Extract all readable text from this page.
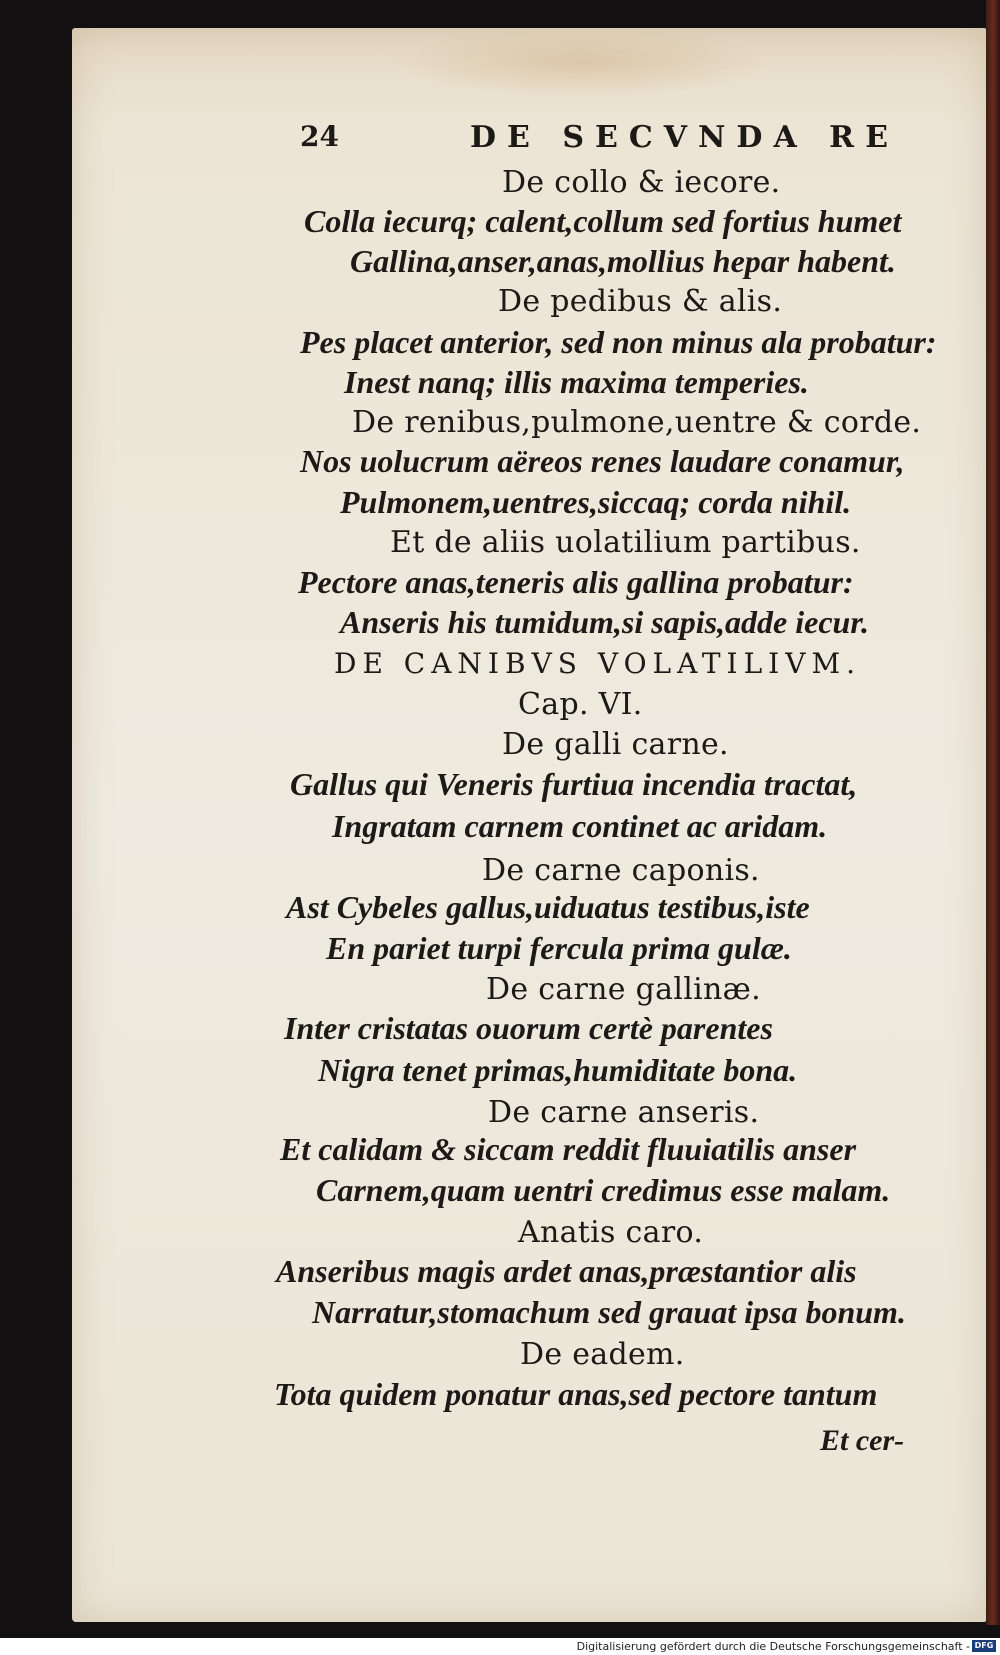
24	DE SECVNDA RE
De collo & iecore.
Colla iecurq; calent,collum sed fortius humet
Gallina,anser,anas,mollius hepar habent.
De pedibus & alis.
Pes placet anterior, sed non minus ala probatur:
Inest nanq; illis maxima temperies.
De renibus,pulmone,uentre & corde.
Nos uolucrum aëreos renes laudare conamur,
Pulmonem,uentres,siccaq; corda nihil.
Et de aliis uolatilium partibus.
Pectore anas,teneris alis gallina probatur:
Anseris his tumidum,si sapis,adde iecur.
DE CANIBVS VOLATILIVM.
Cap. VI.
De galli carne.
Gallus qui Veneris furtiua incendia tractat,
Ingratam carnem continet ac aridam.
De carne caponis.
Ast Cybeles gallus,uiduatus testibus,iste
En pariet turpi fercula prima gulæ.
De carne gallinæ.
Inter cristatas ouorum certè parentes
Nigra tenet primas,humiditate bona.
De carne anseris.
Et calidam & siccam reddit fluuiatilis anser
Carnem,quam uentri credimus esse malam.
Anatis caro.
Anseribus magis ardet anas,præstantior alis
Narratur,stomachum sed grauat ipsa bonum.
De eadem.
Tota quidem ponatur anas,sed pectore tantum
Et cer-
Digitalisierung gefördert durch die Deutsche Forschungsgemeinschaft - DFG
